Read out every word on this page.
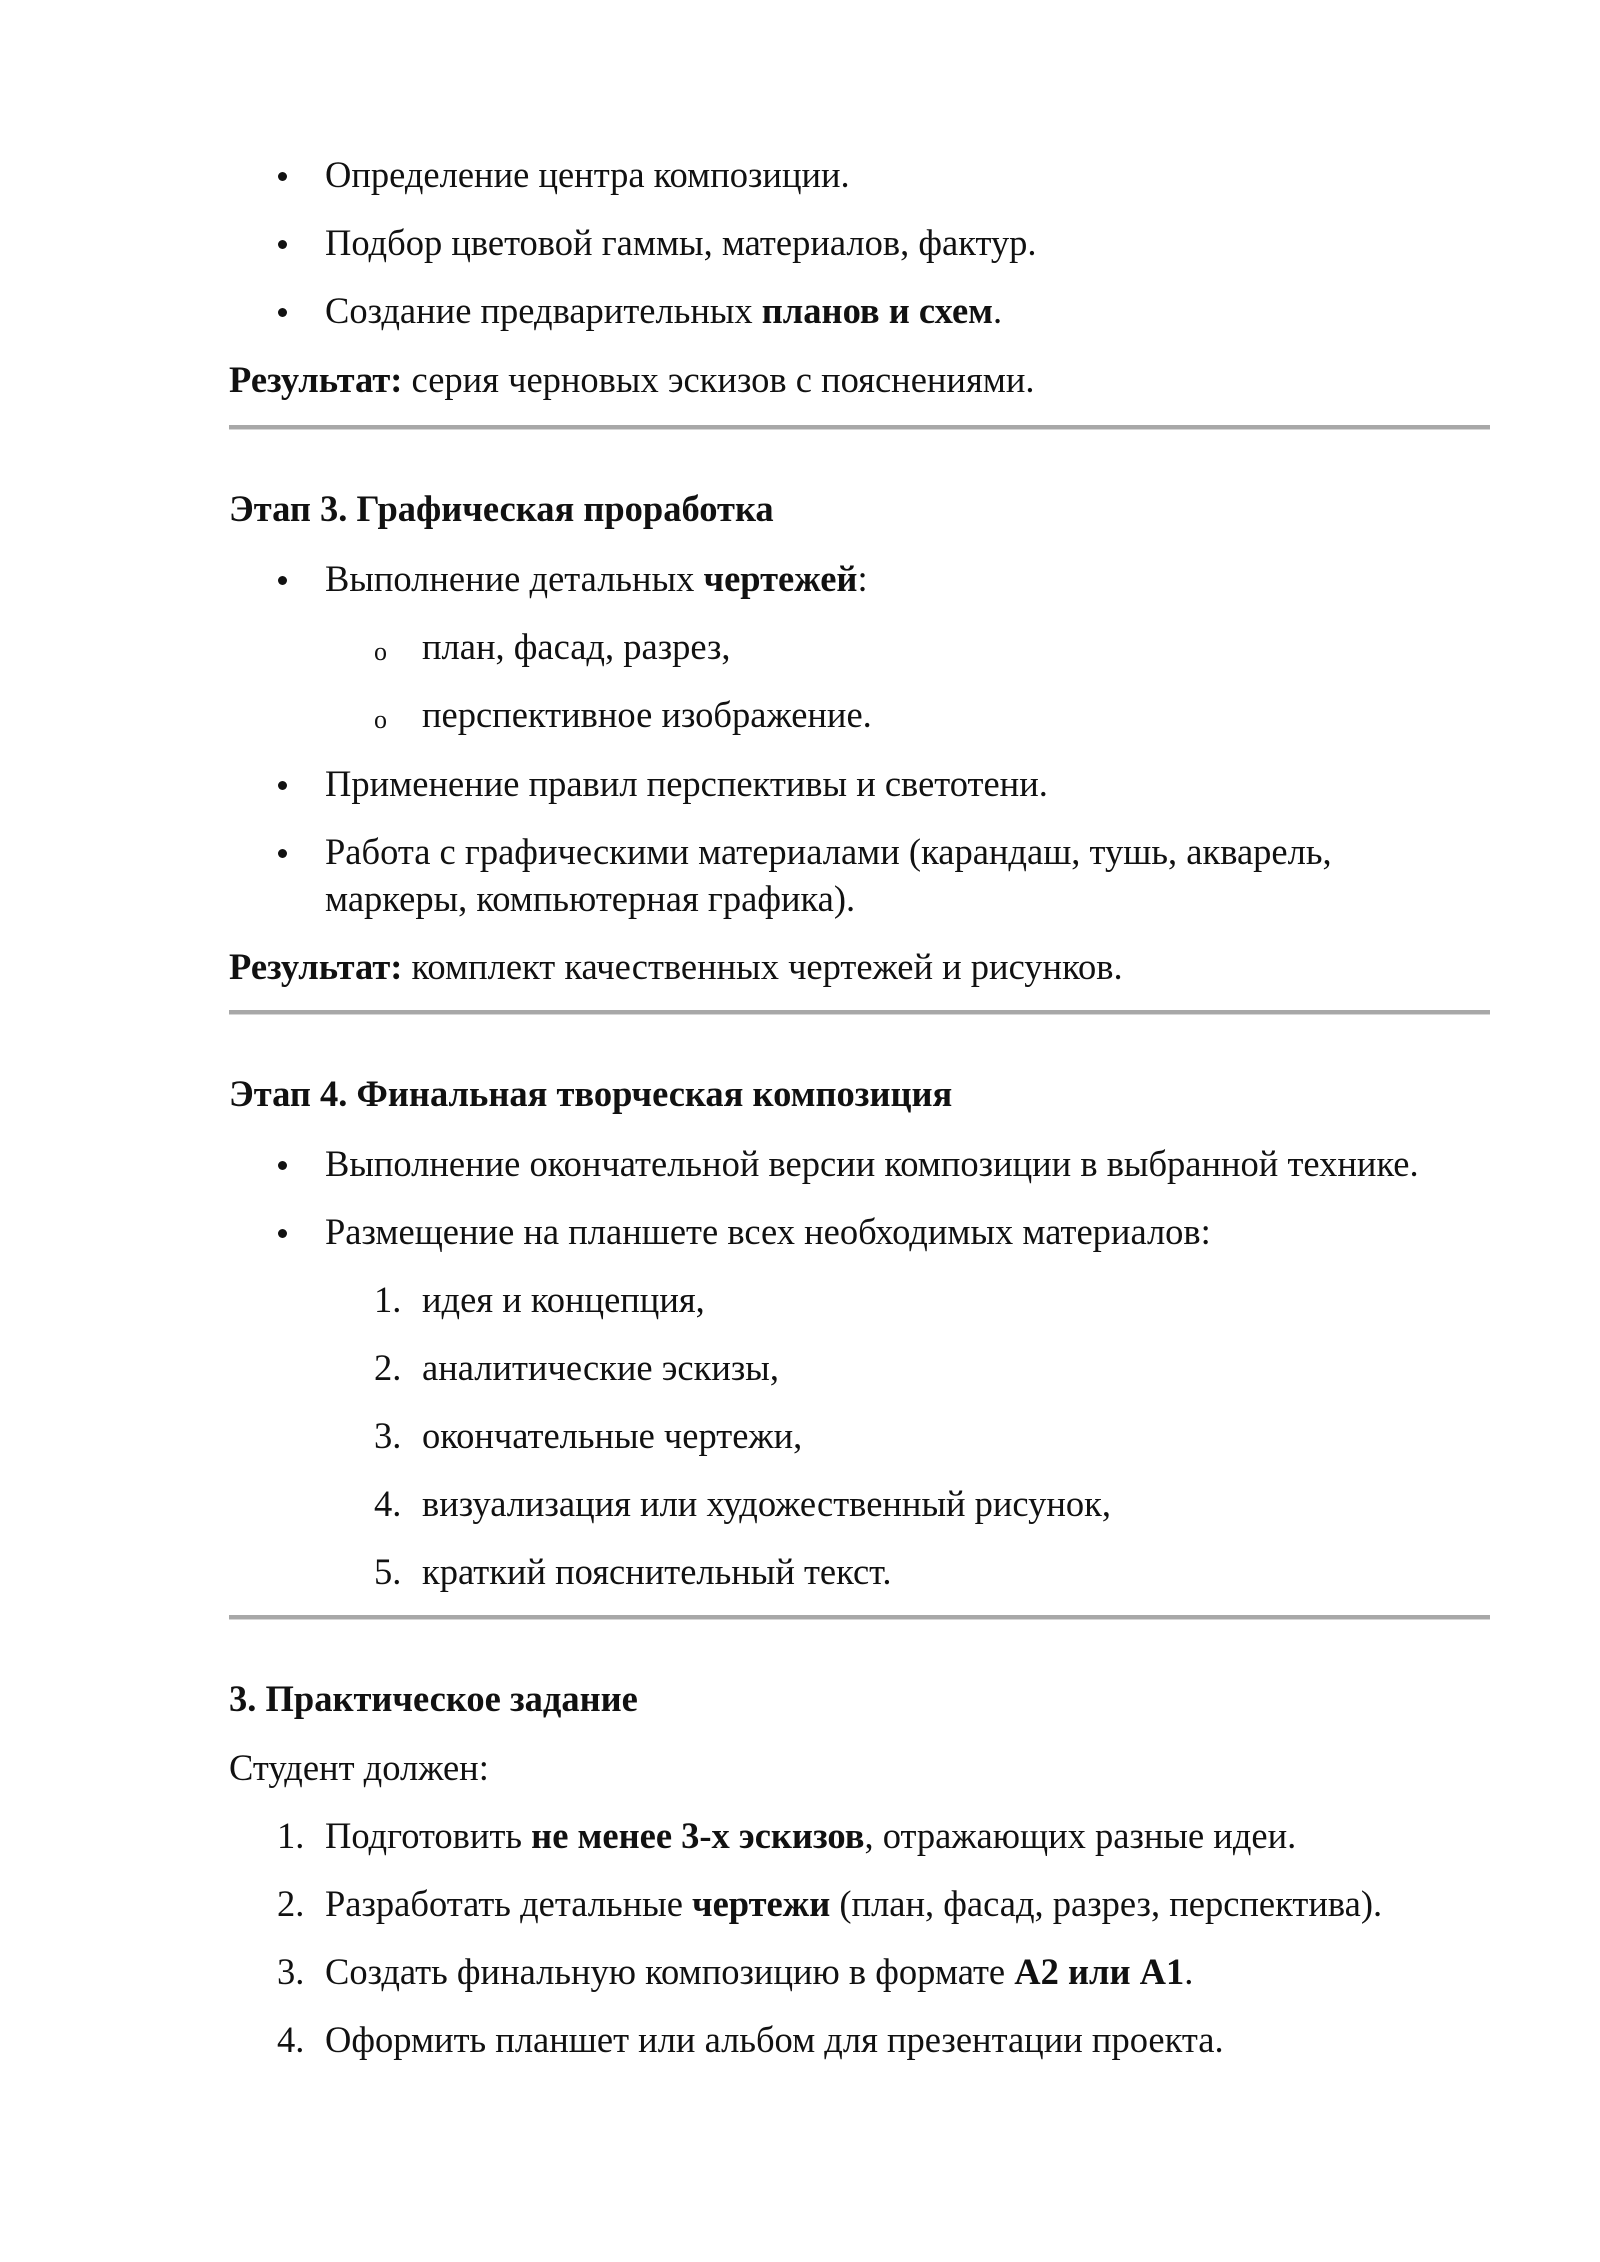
Определение центра композиции.
Подбор цветовой гаммы, материалов, фактур.
Создание предварительных планов и схем.
Результат: серия черновых эскизов с пояснениями.
Этап 3. Графическая проработка
Выполнение детальных чертежей:
o план, фасад, разрез,
o перспективное изображение.
Применение правил перспективы и светотени.
Работа с графическими материалами (карандаш, тушь, акварель,
маркеры, компьютерная графика).
Результат: комплект качественных чертежей и рисунков.
Этап 4. Финальная творческая композиция
Выполнение окончательной версии композиции в выбранной технике.
Размещение на планшете всех необходимых материалов:
1. идея и концепция,
2. аналитические эскизы,
3. окончательные чертежи,
4. визуализация или художественный рисунок,
5. краткий пояснительный текст.
3. Практическое задание
Студент должен:
1. Подготовить не менее 3-х эскизов, отражающих разные идеи.
2. Разработать детальные чертежи (план, фасад, разрез, перспектива).
3. Создать финальную композицию в формате А2 или А1.
4. Оформить планшет или альбом для презентации проекта.
